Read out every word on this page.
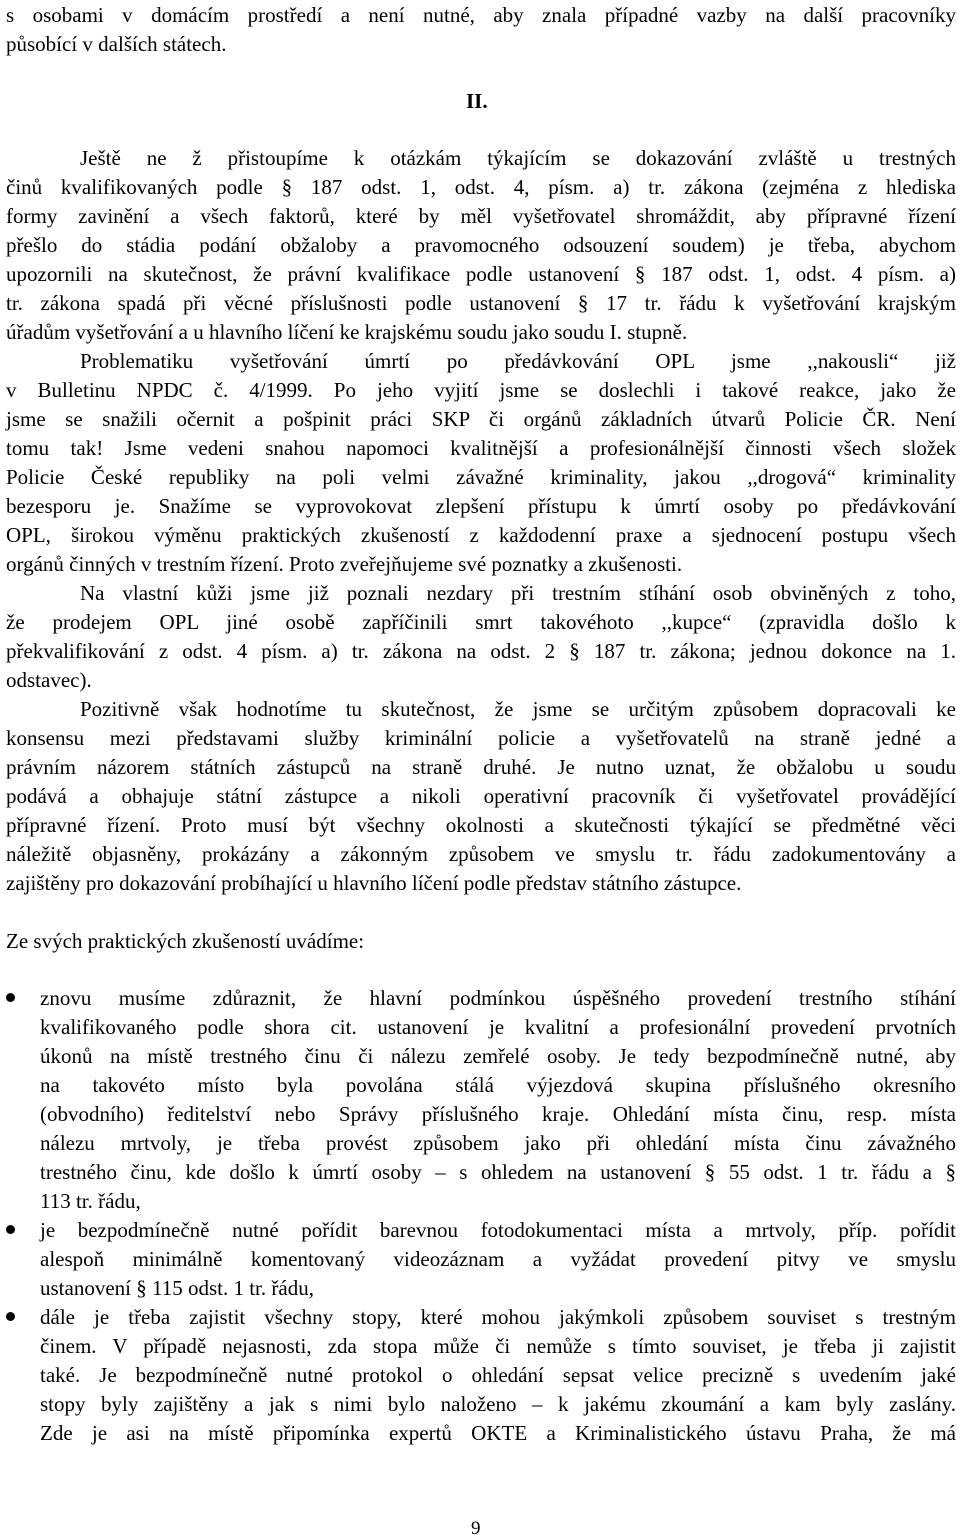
s osobami v domácím prostředí a není nutné, aby znala případné vazby na další pracovníky
působící v dalších státech.
II.
Ještě ne ž přistoupíme k otázkám týkajícím se dokazování zvláště u trestných
činů kvalifikovaných podle § 187 odst. 1, odst. 4, písm. a) tr. zákona (zejména z hlediska
formy zavinění a všech faktorů, které by měl vyšetřovatel shromáždit, aby přípravné řízení
přešlo do stádia podání obžaloby a pravomocného odsouzení soudem) je třeba, abychom
upozornili na skutečnost, že právní kvalifikace podle ustanovení § 187 odst. 1, odst. 4 písm. a)
tr. zákona spadá při věcné příslušnosti podle ustanovení § 17 tr. řádu k vyšetřování krajským
úřadům vyšetřování a u hlavního líčení ke krajskému soudu jako soudu I. stupně.
Problematiku vyšetřování úmrtí po předávkování OPL jsme ,,nakousli“ již
v Bulletinu NPDC č. 4/1999. Po jeho vyjití jsme se doslechli i takové reakce, jako že
jsme se snažili očernit a pošpinit práci SKP či orgánů základních útvarů Policie ČR. Není
tomu tak! Jsme vedeni snahou napomoci kvalitnější a profesionálnější činnosti všech složek
Policie České republiky na poli velmi závažné kriminality, jakou ,,drogová“ kriminality
bezesporu je. Snažíme se vyprovokovat zlepšení přístupu k úmrtí osoby po předávkování
OPL, širokou výměnu praktických zkušeností z každodenní praxe a sjednocení postupu všech
orgánů činných v trestním řízení. Proto zveřejňujeme své poznatky a zkušenosti.
Na vlastní kůži jsme již poznali nezdary při trestním stíhání osob obviněných z toho,
že prodejem OPL jiné osobě zapříčinili smrt takovéhoto ,,kupce“ (zpravidla došlo k
překvalifikování z odst. 4 písm. a) tr. zákona na odst. 2 § 187 tr. zákona; jednou dokonce na 1.
odstavec).
Pozitivně však hodnotíme tu skutečnost, že jsme se určitým způsobem dopracovali ke
konsensu mezi představami služby kriminální policie a vyšetřovatelů na straně jedné a
právním názorem státních zástupců na straně druhé. Je nutno uznat, že obžalobu u soudu
podává a obhajuje státní zástupce a nikoli operativní pracovník či vyšetřovatel provádějící
přípravné řízení. Proto musí být všechny okolnosti a skutečnosti týkající se předmětné věci
náležitě objasněny, prokázány a zákonným způsobem ve smyslu tr. řádu zadokumentovány a
zajištěny pro dokazování probíhající u hlavního líčení podle představ státního zástupce.
Ze svých praktických zkušeností uvádíme:
znovu musíme zdůraznit, že hlavní podmínkou úspěšného provedení trestního stíhání
kvalifikovaného podle shora cit. ustanovení je kvalitní a profesionální provedení prvotních
úkonů na místě trestného činu či nálezu zemřelé osoby. Je tedy bezpodmínečně nutné, aby
na takovéto místo byla povolána stálá výjezdová skupina příslušného okresního
(obvodního) ředitelství nebo Správy příslušného kraje. Ohledání místa činu, resp. místa
nálezu mrtvoly, je třeba provést způsobem jako při ohledání místa činu závažného
trestného činu, kde došlo k úmrtí osoby – s ohledem na ustanovení § 55 odst. 1 tr. řádu a §
113 tr. řádu,
je bezpodmínečně nutné pořídit barevnou fotodokumentaci místa a mrtvoly, příp. pořídit
alespoň minimálně komentovaný videozáznam a vyžádat provedení pitvy ve smyslu
ustanovení § 115 odst. 1 tr. řádu,
dále je třeba zajistit všechny stopy, které mohou jakýmkoli způsobem souviset s trestným
činem. V případě nejasnosti, zda stopa může či nemůže s tímto souviset, je třeba ji zajistit
také. Je bezpodmínečně nutné protokol o ohledání sepsat velice precizně s uvedením jaké
stopy byly zajištěny a jak s nimi bylo naloženo – k jakému zkoumání a kam byly zaslány.
Zde je asi na místě připomínka expertů OKTE a Kriminalistického ústavu Praha, že má
9
